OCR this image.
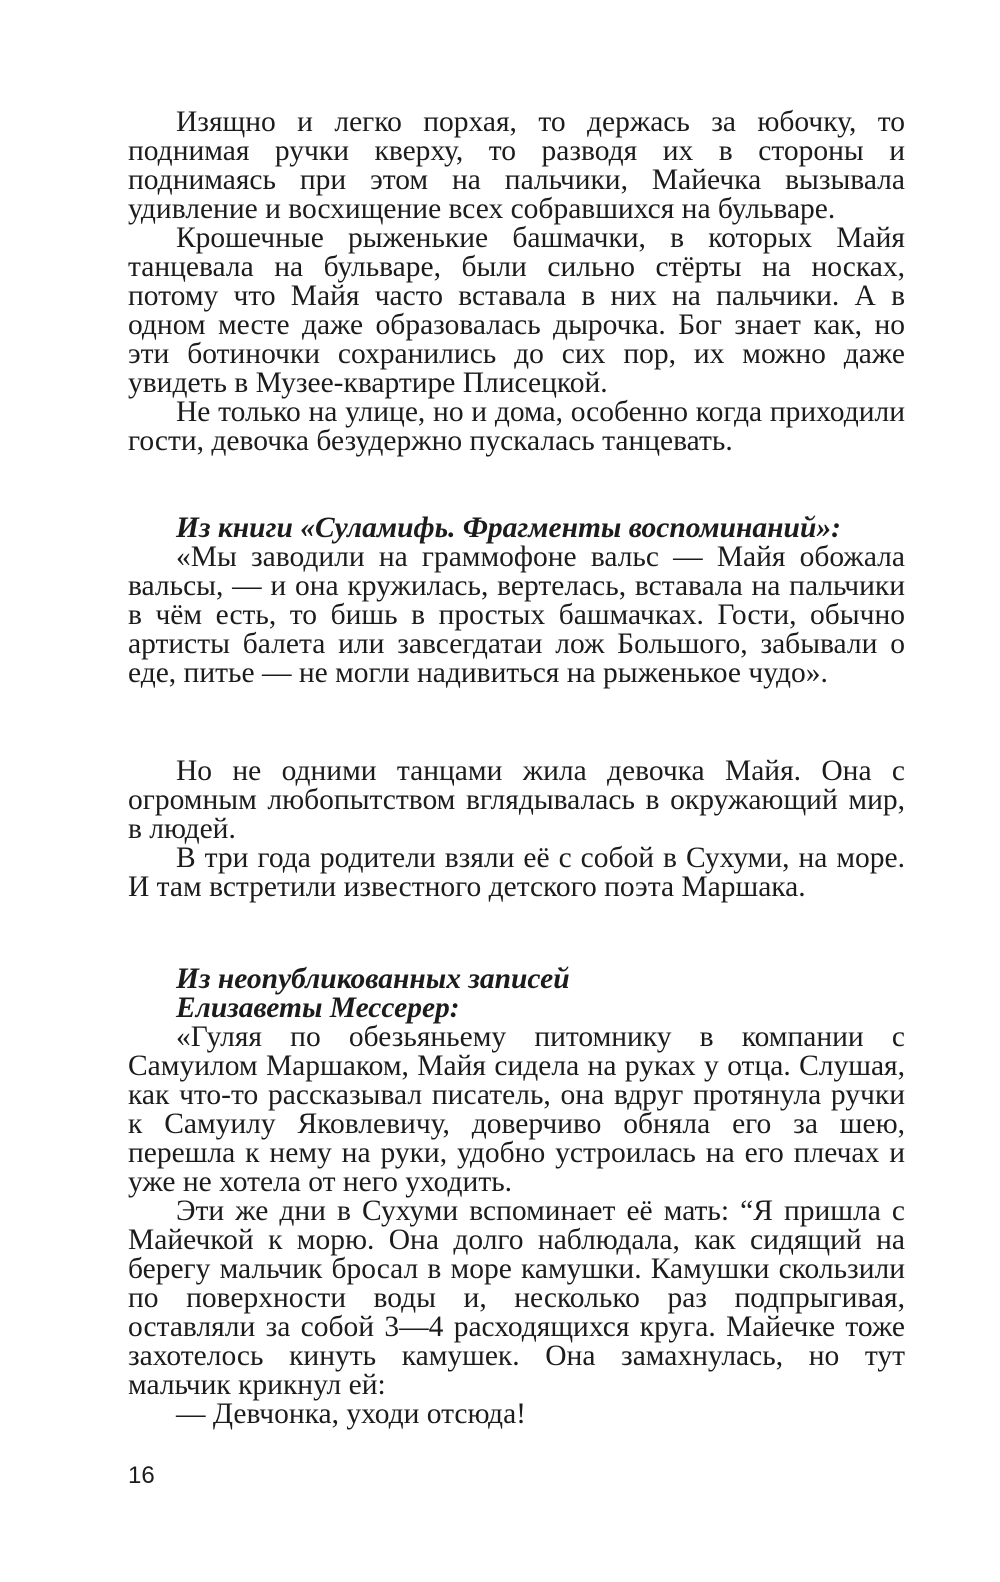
Изящно и легко порхая, то держась за юбочку, то поднимая ручки кверху, то разводя их в стороны и поднимаясь при этом на пальчики, Майечка вызывала удивление и восхищение всех собравшихся на бульваре.

Крошечные рыженькие башмачки, в которых Майя танцевала на бульваре, были сильно стёрты на носках, потому что Майя часто вставала в них на пальчики. А в одном месте даже образовалась дырочка. Бог знает как, но эти ботиночки сохранились до сих пор, их можно даже увидеть в Музее-квартире Плисецкой.

Не только на улице, но и дома, особенно когда приходили гости, девочка безудержно пускалась танцевать.

Из книги «Суламифь. Фрагменты воспоминаний»:

«Мы заводили на граммофоне вальс — Майя обожала вальсы, — и она кружилась, вертелась, вставала на пальчики в чём есть, то бишь в простых башмачках. Гости, обычно артисты балета или завсегдатаи лож Большого, забывали о еде, питье — не могли надивиться на рыженькое чудо».

Но не одними танцами жила девочка Майя. Она с огромным любопытством вглядывалась в окружающий мир, в людей.

В три года родители взяли её с собой в Сухуми, на море. И там встретили известного детского поэта Маршака.

Из неопубликованных записей
Елизаветы Мессерер:

«Гуляя по обезьяньему питомнику в компании с Самуилом Маршаком, Майя сидела на руках у отца. Слушая, как что-то рассказывал писатель, она вдруг протянула ручки к Самуилу Яковлевичу, доверчиво обняла его за шею, перешла к нему на руки, удобно устроилась на его плечах и уже не хотела от него уходить.

Эти же дни в Сухуми вспоминает её мать: “Я пришла с Майечкой к морю. Она долго наблюдала, как сидящий на берегу мальчик бросал в море камушки. Камушки скользили по поверхности воды и, несколько раз подпрыгивая, оставляли за собой 3—4 расходящихся круга. Майечке тоже захотелось кинуть камушек. Она замахнулась, но тут мальчик крикнул ей:

— Девчонка, уходи отсюда!

16
